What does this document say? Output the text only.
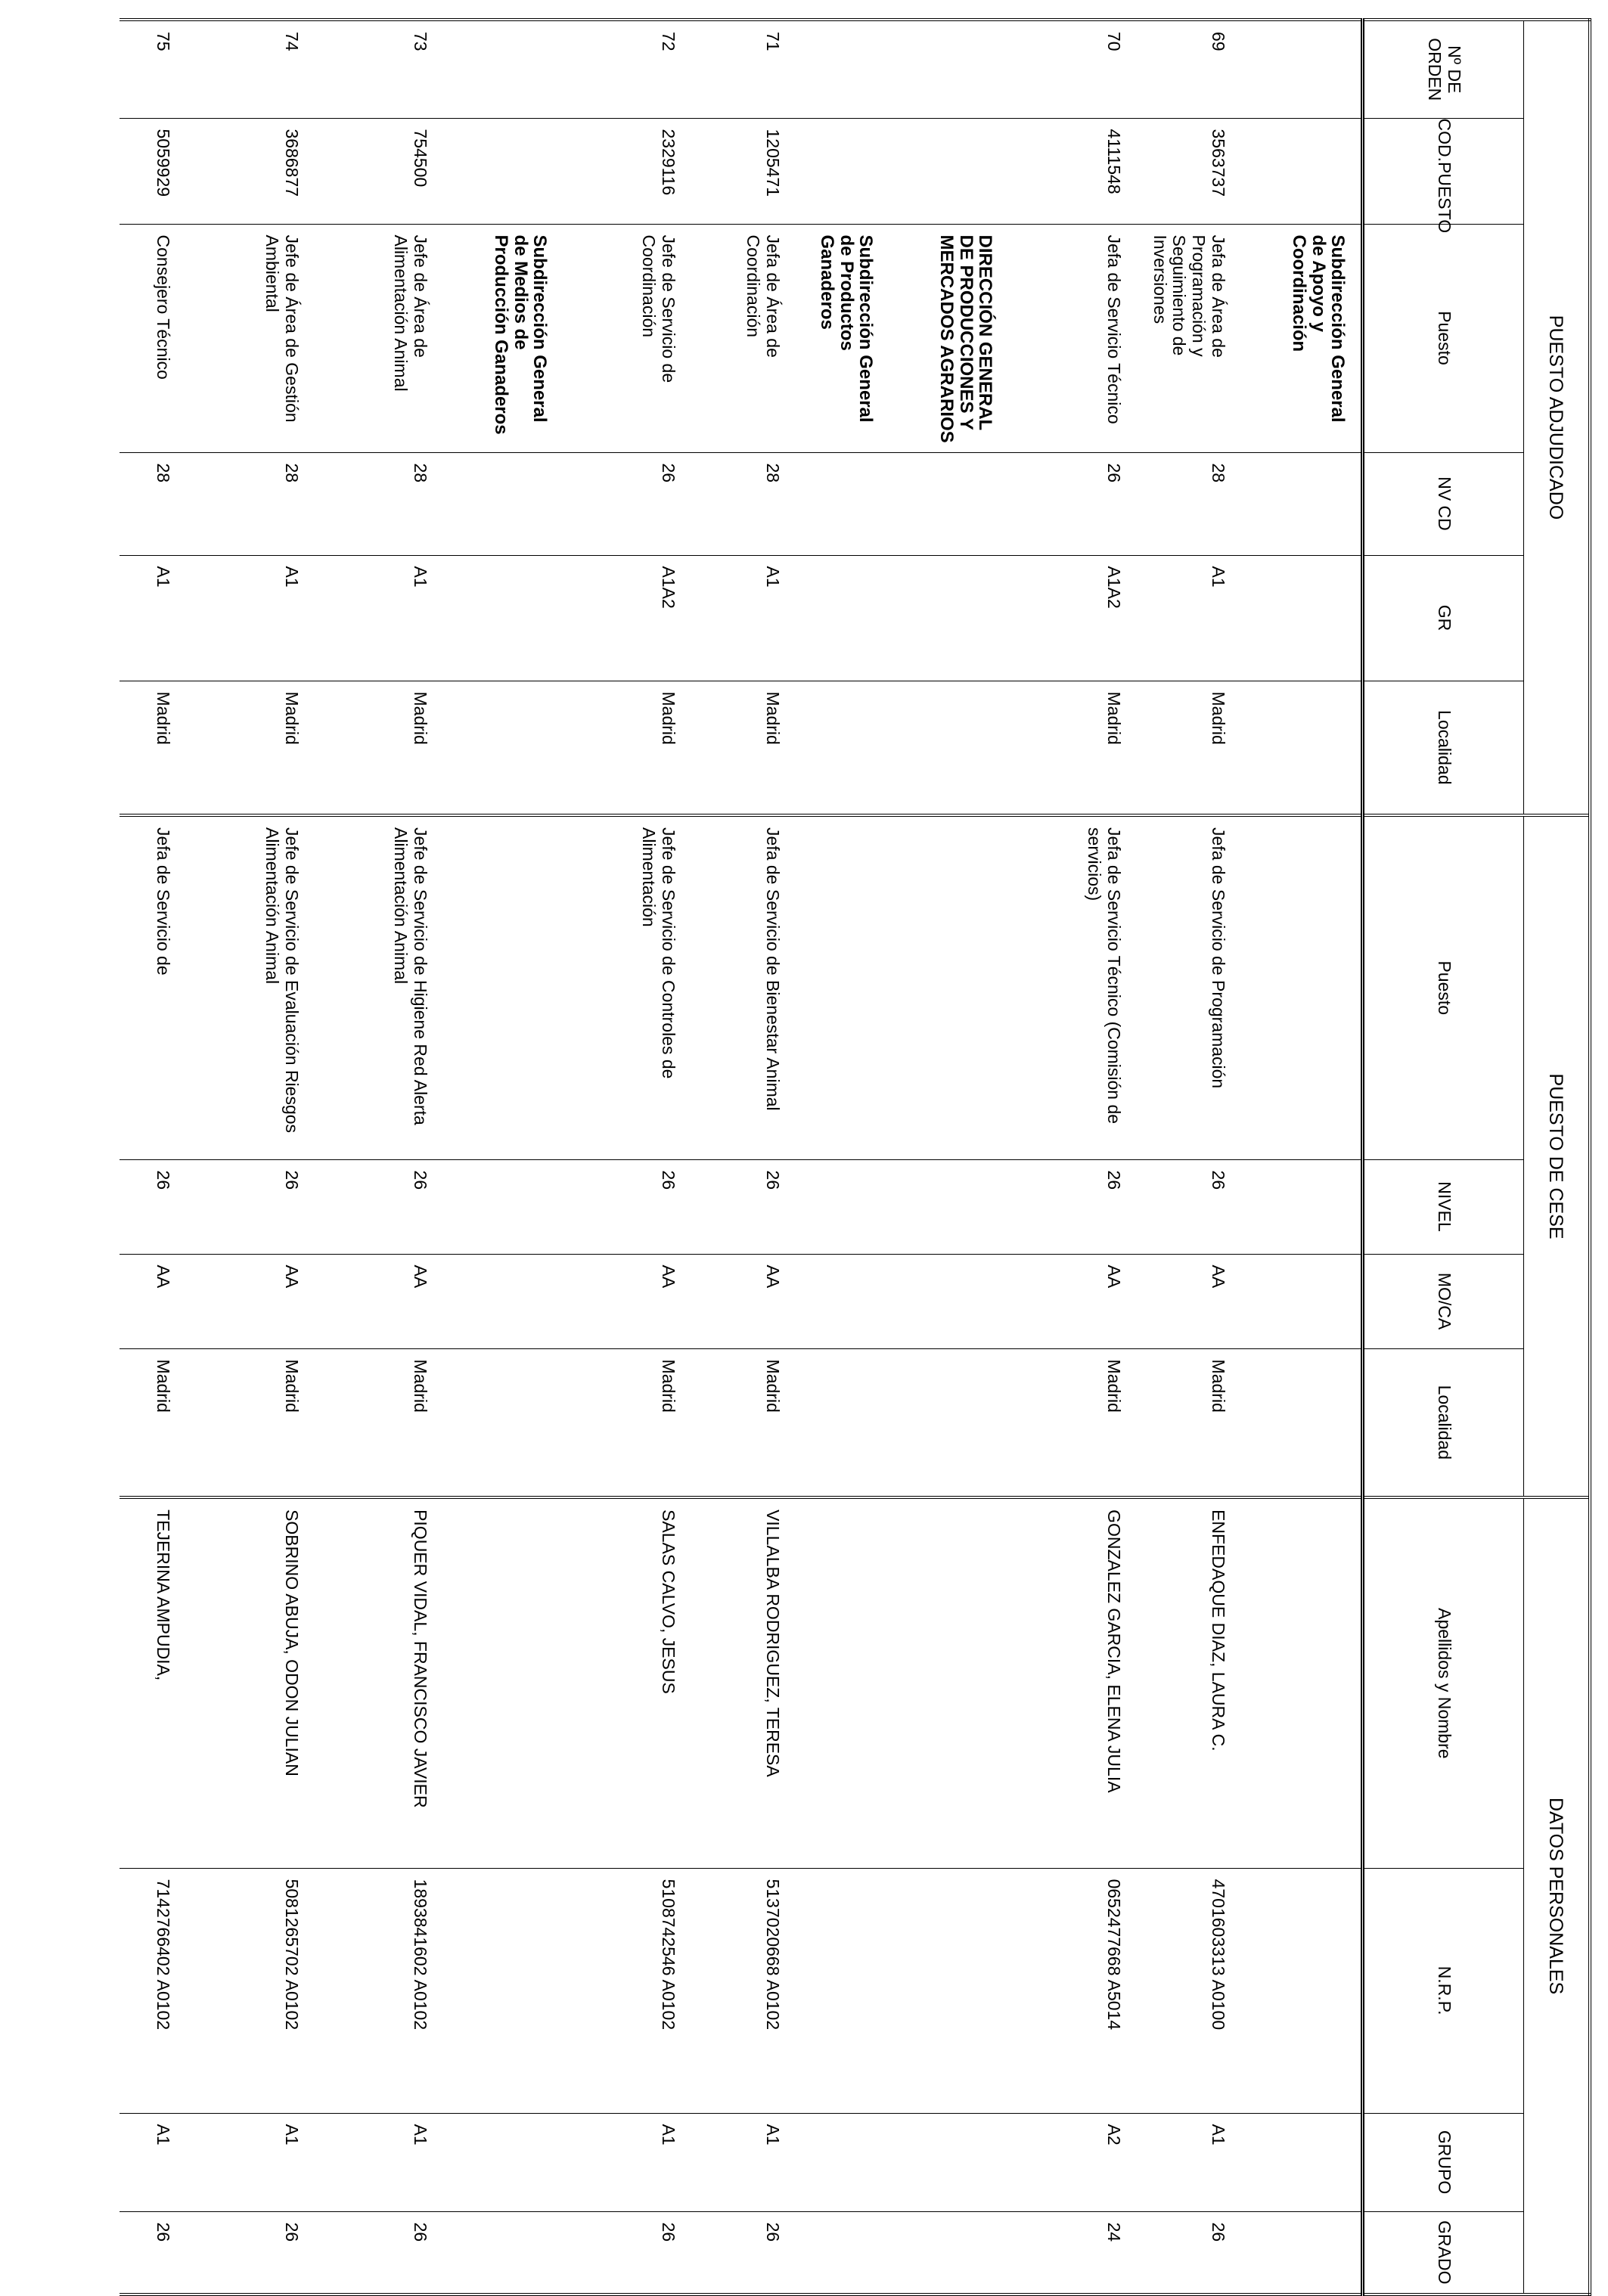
PUESTO ADJUDICADO						PUESTO DE CESE				DATOS PERSONALES			
Nº DE ORDEN	COD.PUESTO	Puesto	NV CD	GR	Localidad	Puesto	NIVEL	MO/CA	Localidad	Apellidos y Nombre	N.R.P.	GRUPO	GRADO
		Subdirección General de Apoyo y Coordinación											
69	3563737	Jefa de Área de Programación y Seguimiento de Inversiones	28	A1	Madrid	Jefa de Servicio de Programación	26	AA	Madrid	ENFEDAQUE DIAZ, LAURA C.	4701603313 A0100	A1	26
70	4111548	Jefa de Servicio Técnico	26	A1A2	Madrid	Jefa de Servicio Técnico (Comisión de servicios)	26	AA	Madrid	GONZALEZ GARCIA, ELENA JULIA	0652477668 A5014	A2	24
		DIRECCIÓN GENERAL DE PRODUCCIONES Y MERCADOS AGRARIOS											
		Subdirección General de Productos Ganaderos											
71	1205471	Jefa de Área de Coordinación	28	A1	Madrid	Jefa de Servicio de Bienestar Animal	26	AA	Madrid	VILLALBA RODRIGUEZ, TERESA	5137020668 A0102	A1	26
72	2329116	Jefe de Servicio de Coordinación	26	A1A2	Madrid	Jefe de Servicio de Controles de Alimentación	26	AA	Madrid	SALAS CALVO, JESUS	5108742546 A0102	A1	26
		Subdirección General de Medios de Producción Ganaderos											
73	754500	Jefe de Área de Alimentación Animal	28	A1	Madrid	Jefe de Servicio de Higiene Red Alerta Alimentación Animal	26	AA	Madrid	PIQUER VIDAL, FRANCISCO JAVIER	1893841602 A0102	A1	26
74	3686877	Jefe de Área de Gestión Ambiental	28	A1	Madrid	Jefe de Servicio de Evaluación Riesgos Alimentación Animal	26	AA	Madrid	SOBRINO ABUJA, ODON JULIAN	5081265702 A0102	A1	26
75	5059929	Consejero Técnico	28	A1	Madrid	Jefa de Servicio de	26	AA	Madrid	TEJERINA AMPUDIA,	7142766402 A0102	A1	26
